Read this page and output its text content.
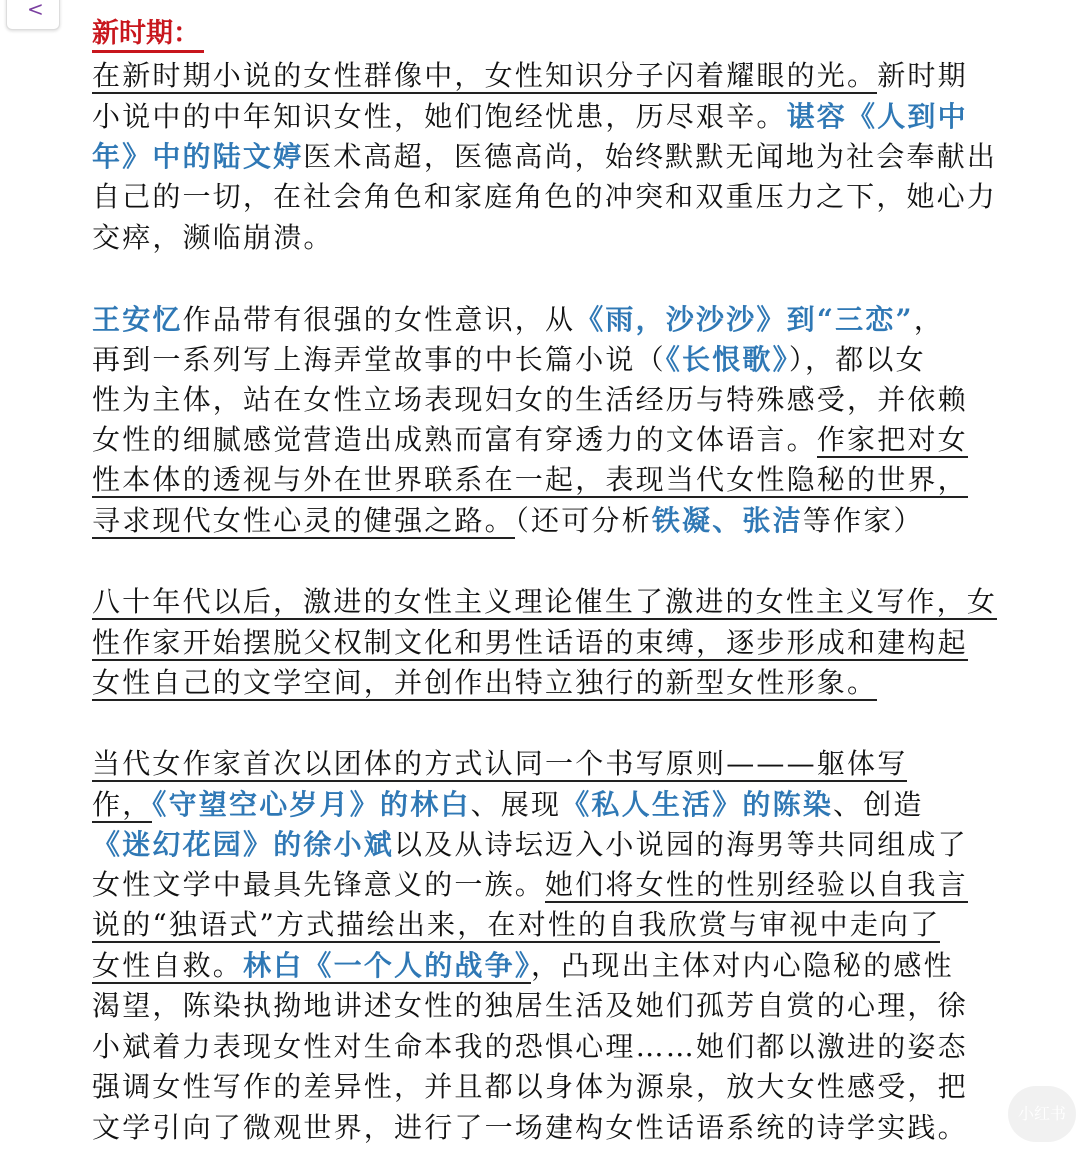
<
新时期：
小红书
在新时期小说的女性群像中，女性知识分子闪着耀眼的光。新时期
小说中的中年知识女性，她们饱经忧患，历尽艰辛。谌容《人到中
年》中的陆文婷医术高超，医德高尚，始终默默无闻地为社会奉献出
自己的一切，在社会角色和家庭角色的冲突和双重压力之下，她心力
交瘁，濒临崩溃。
王安忆作品带有很强的女性意识，从《雨，沙沙沙》到“三恋”，
再到一系列写上海弄堂故事的中长篇小说（《长恨歌》），都以女
性为主体，站在女性立场表现妇女的生活经历与特殊感受，并依赖
女性的细腻感觉营造出成熟而富有穿透力的文体语言。作家把对女
性本体的透视与外在世界联系在一起，表现当代女性隐秘的世界，
寻求现代女性心灵的健强之路。（还可分析铁凝、张洁等作家）
八十年代以后，激进的女性主义理论催生了激进的女性主义写作，女
性作家开始摆脱父权制文化和男性话语的束缚，逐步形成和建构起
女性自己的文学空间，并创作出特立独行的新型女性形象。
当代女作家首次以团体的方式认同一个书写原则———躯体写
作，《守望空心岁月》的林白、展现《私人生活》的陈染、创造
《迷幻花园》的徐小斌以及从诗坛迈入小说园的海男等共同组成了
女性文学中最具先锋意义的一族。她们将女性的性别经验以自我言
说的“独语式”方式描绘出来，在对性的自我欣赏与审视中走向了
女性自救。林白《一个人的战争》，凸现出主体对内心隐秘的感性
渴望，陈染执拗地讲述女性的独居生活及她们孤芳自赏的心理，徐
小斌着力表现女性对生命本我的恐惧心理……她们都以激进的姿态
强调女性写作的差异性，并且都以身体为源泉，放大女性感受，把
文学引向了微观世界，进行了一场建构女性话语系统的诗学实践。
